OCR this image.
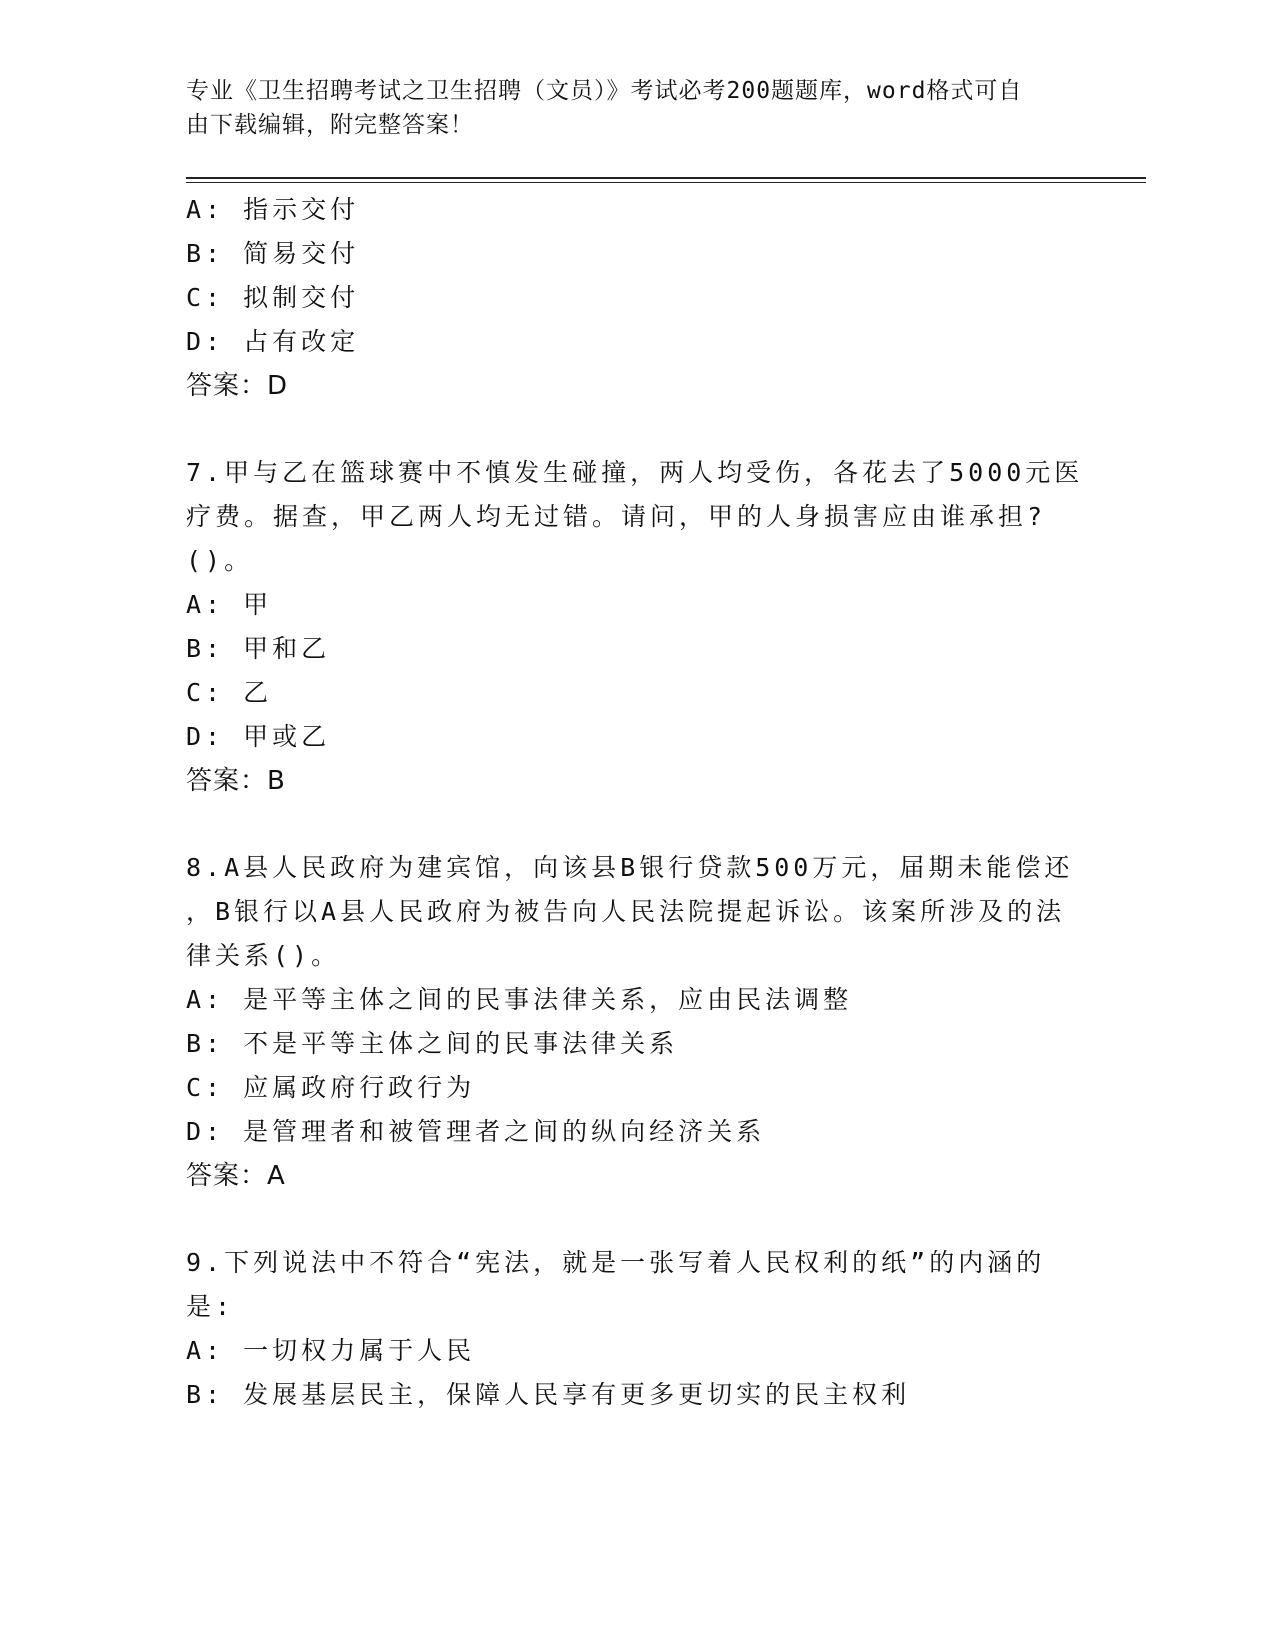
专业《卫生招聘考试之卫生招聘（文员）》考试必考200题题库，word格式可自
由下载编辑，附完整答案！
A: 指示交付
B: 简易交付
C: 拟制交付
D: 占有改定
答案：D
7.甲与乙在篮球赛中不慎发生碰撞，两人均受伤，各花去了5000元医
疗费。据查，甲乙两人均无过错。请问，甲的人身损害应由谁承担?
()。
A: 甲
B: 甲和乙
C: 乙
D: 甲或乙
答案：B
8.A县人民政府为建宾馆，向该县B银行贷款500万元，届期未能偿还
，B银行以A县人民政府为被告向人民法院提起诉讼。该案所涉及的法
律关系()。
A: 是平等主体之间的民事法律关系，应由民法调整
B: 不是平等主体之间的民事法律关系
C: 应属政府行政行为
D: 是管理者和被管理者之间的纵向经济关系
答案：A
9.下列说法中不符合“宪法，就是一张写着人民权利的纸”的内涵的
是:
A: 一切权力属于人民
B: 发展基层民主，保障人民享有更多更切实的民主权利
